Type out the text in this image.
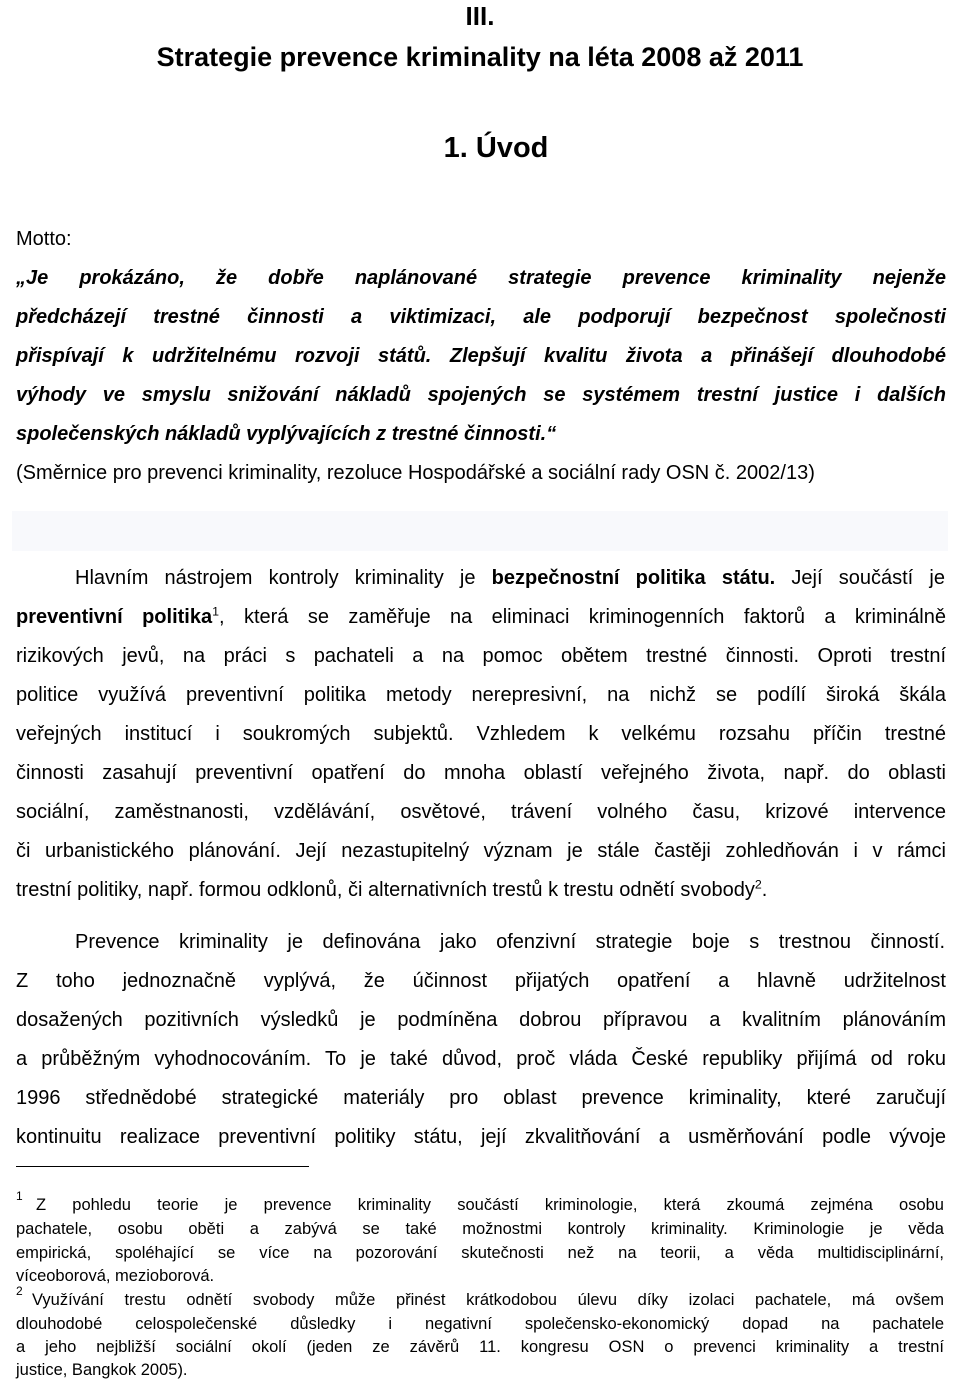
III.
Strategie prevence kriminality na léta 2008 až 2011
1. Úvod
Motto:
„Je prokázáno, že dobře naplánované strategie prevence kriminality nejenže
předcházejí trestné činnosti a viktimizaci, ale podporují bezpečnost společnosti
přispívají k udržitelnému rozvoji států. Zlepšují kvalitu života a přinášejí dlouhodobé
výhody ve smyslu snižování nákladů spojených se systémem trestní justice i dalších
společenských nákladů vyplývajících z trestné činnosti.“
(Směrnice pro prevenci kriminality, rezoluce Hospodářské a sociální rady OSN č. 2002/13)
Hlavním nástrojem kontroly kriminality je bezpečnostní politika státu. Její součástí je
preventivní politika$^1$, která se zaměřuje na eliminaci kriminogenních faktorů a kriminálně
rizikových jevů, na práci s pachateli a na pomoc obětem trestné činnosti. Oproti trestní
politice využívá preventivní politika metody nerepresivní, na nichž se podílí široká škála
veřejných institucí i soukromých subjektů. Vzhledem k velkému rozsahu příčin trestné
činnosti zasahují preventivní opatření do mnoha oblastí veřejného života, např. do oblasti
sociální, zaměstnanosti, vzdělávání, osvětové, trávení volného času, krizové intervence
či urbanistického plánování. Její nezastupitelný význam je stále častěji zohledňován i v rámci
trestní politiky, např. formou odklonů, či alternativních trestů k trestu odnětí svobody$^2$.
Prevence kriminality je definována jako ofenzivní strategie boje s trestnou činností.
Z toho jednoznačně vyplývá, že účinnost přijatých opatření a hlavně udržitelnost
dosažených pozitivních výsledků je podmíněna dobrou přípravou a kvalitním plánováním
a průběžným vyhodnocováním. To je také důvod, proč vláda České republiky přijímá od roku
1996 střednědobé strategické materiály pro oblast prevence kriminality, které zaručují
kontinuitu realizace preventivní politiky státu, její zkvalitňování a usměrňování podle vývoje
Z pohledu teorie je prevence kriminality součástí kriminologie, která zkoumá zejména osobu
1
pachatele, osobu oběti a zabývá se také možnostmi kontroly kriminality. Kriminologie je věda
empirická, spoléhající se více na pozorování skutečnosti než na teorii, a věda multidisciplinární,
víceoborová, mezioborová.
2 Využívání trestu odnětí svobody může přinést krátkodobou úlevu díky izolaci pachatele, má ovšem
dlouhodobé celospolečenské důsledky i negativní společensko-ekonomický dopad na pachatele
a jeho nejbližší sociální okolí (jeden ze závěrů 11. kongresu OSN o prevenci kriminality a trestní
justice, Bangkok 2005).
